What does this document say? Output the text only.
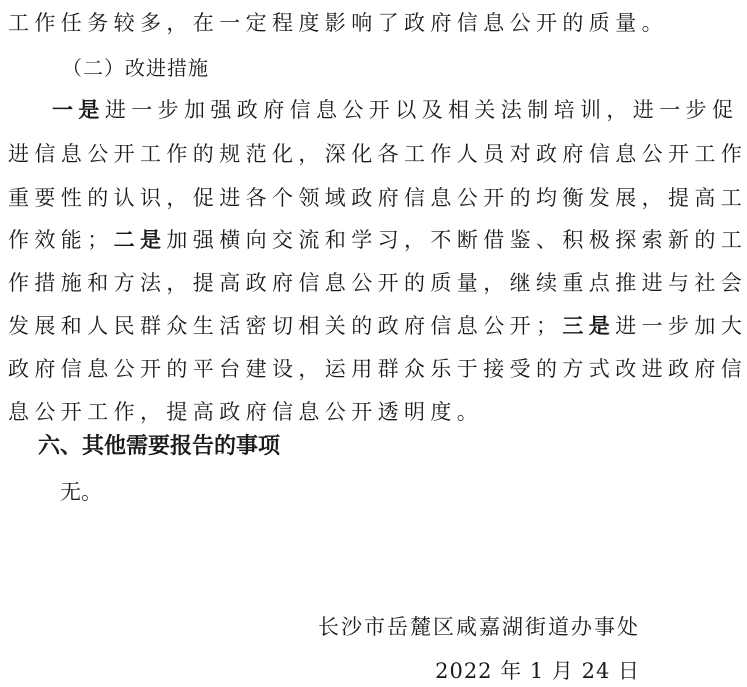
工作任务较多，在一定程度影响了政府信息公开的质量。
（二）改进措施
一是进一步加强政府信息公开以及相关法制培训，进一步促
进信息公开工作的规范化，深化各工作人员对政府信息公开工作
重要性的认识，促进各个领域政府信息公开的均衡发展，提高工
作效能；二是加强横向交流和学习，不断借鉴、积极探索新的工
作措施和方法，提高政府信息公开的质量，继续重点推进与社会
发展和人民群众生活密切相关的政府信息公开；三是进一步加大
政府信息公开的平台建设，运用群众乐于接受的方式改进政府信
息公开工作，提高政府信息公开透明度。
六、其他需要报告的事项
无。
长沙市岳麓区咸嘉湖街道办事处
2022 年 1 月 24 日
